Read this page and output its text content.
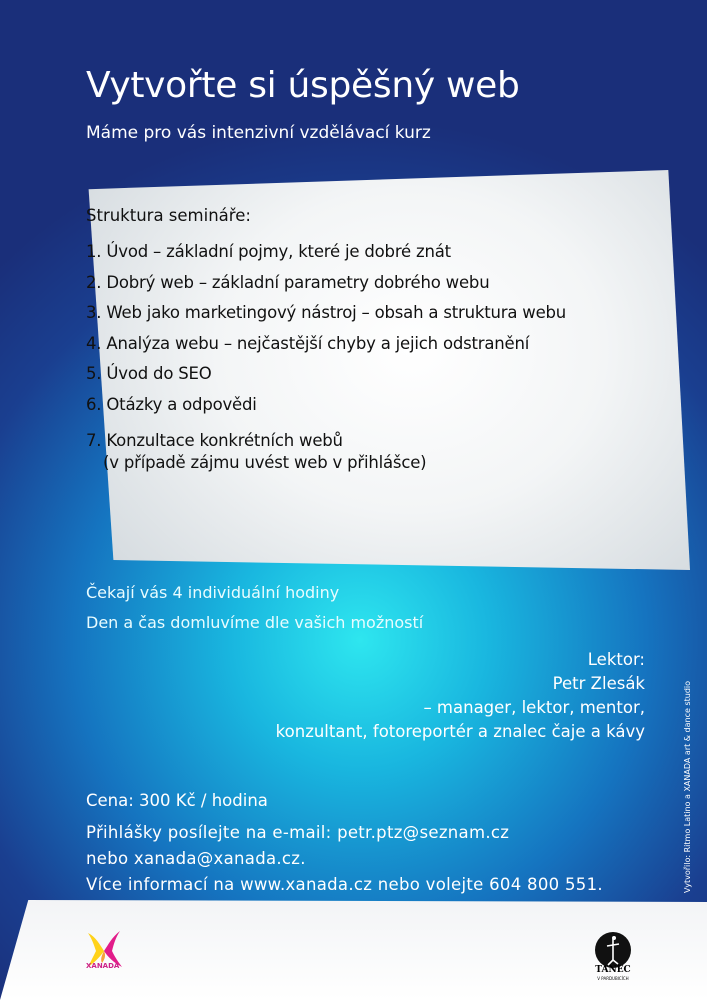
Vytvořte si úspěšný web
Máme pro vás intenzivní vzdělávací kurz
Struktura semináře:
1. Úvod – základní pojmy, které je dobré znát
2. Dobrý web – základní parametry dobrého webu
3. Web jako marketingový nástroj – obsah a struktura webu
4. Analýza webu – nejčastější chyby a jejich odstranění
5. Úvod do SEO
6. Otázky a odpovědi
7. Konzultace konkrétních webů
(v případě zájmu uvést web v přihlášce)
Čekají vás 4 individuální hodiny
Den a čas domluvíme dle vašich možností
Lektor:
Petr Zlesák
– manager, lektor, mentor,
konzultant, fotoreportér a znalec čaje a kávy
Cena: 300 Kč / hodina
Přihlášky posílejte na e-mail: petr.ptz@seznam.cz
nebo xanada@xanada.cz.
Více informací na www.xanada.cz nebo volejte 604 800 551.	Vytvořilo: Ritmo Latino a XANADA art & dance studio
XANADA	TANEC
V PARDUBICÍCH
